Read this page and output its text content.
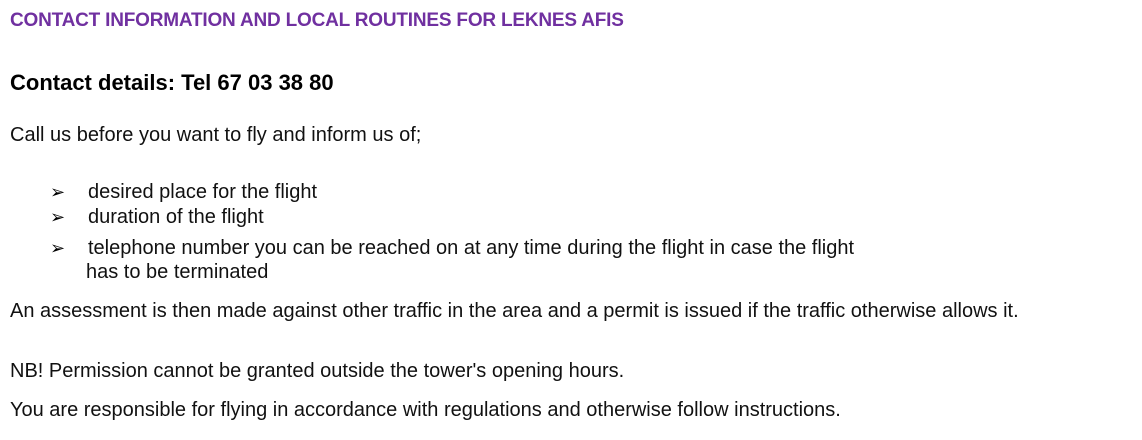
CONTACT INFORMATION AND LOCAL ROUTINES FOR LEKNES AFIS
Contact details: Tel 67 03 38 80
Call us before you want to fly and inform us of;
➢ desired place for the flight
➢ duration of the flight
➢ telephone number you can be reached on at any time during the flight in case the flight
has to be terminated
An assessment is then made against other traffic in the area and a permit is issued if the traffic otherwise allows it.
NB! Permission cannot be granted outside the tower's opening hours.
You are responsible for flying in accordance with regulations and otherwise follow instructions.
